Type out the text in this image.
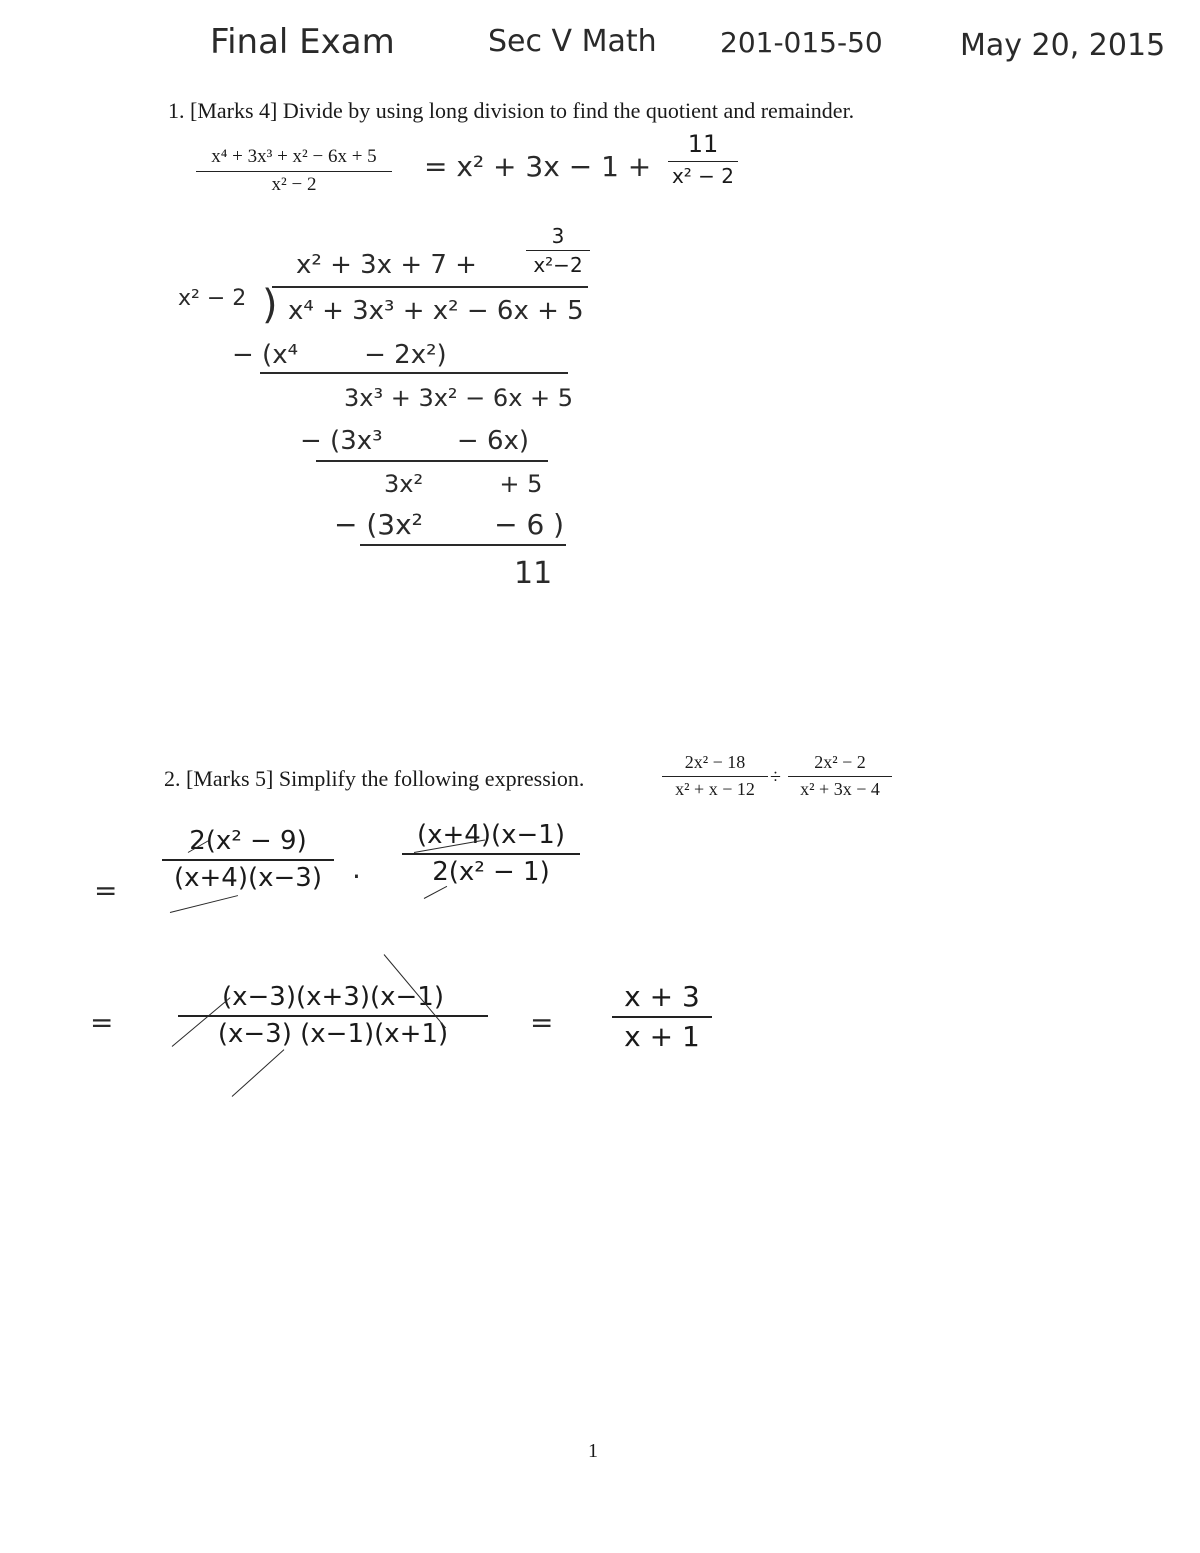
Final Exam	Sec V Math 201-015-50	May 20, 2015
1. [Marks 4] Divide by using long division to find the quotient and remainder.
x⁴ + 3x³ + x² − 6x + 5
x² − 2
= x² + 3x − 1 +
11
x² − 2
x² + 3x + 7 +
3
x²−2
x² − 2 ) x⁴ + 3x³ + x² − 6x + 5
− (x⁴        − 2x²)
3x³ + 3x² − 6x + 5
− (3x³         − 6x)
3x²          + 5
− (3x²        − 6 )
11
2. [Marks 5] Simplify the following expression.
2x² − 18
x² + x − 12
÷
2x² − 2
x² + 3x − 4
=
2(x² − 9)
(x+4)(x−3)	·
(x+4)(x−1)
2(x² − 1)
=
(x−3)(x+3)(x−1)
(x−3) (x−1)(x+1)	=
x + 3
x + 1
1
